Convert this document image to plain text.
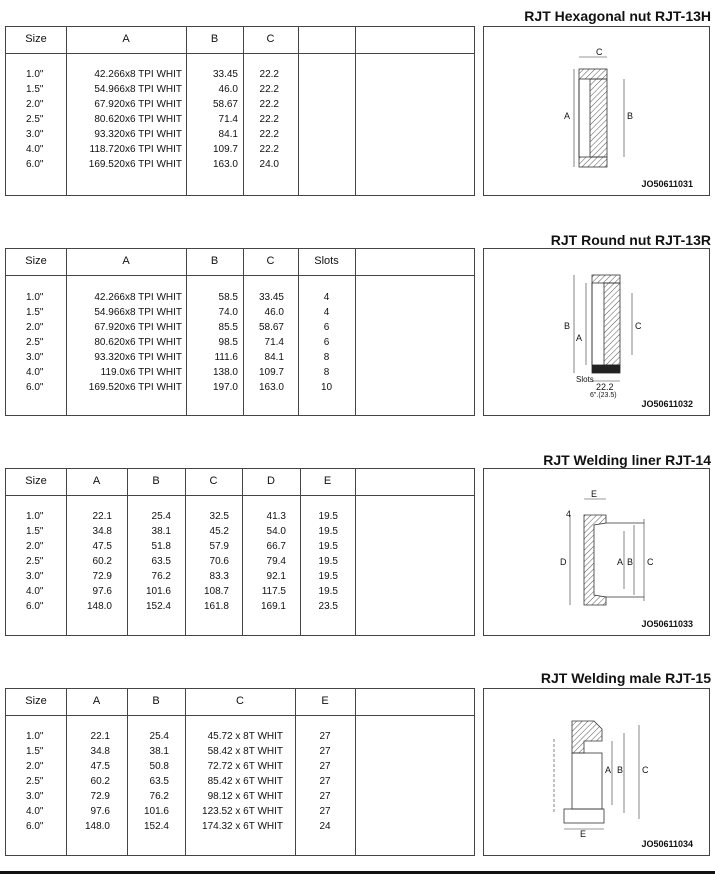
RJT Hexagonal nut RJT-13H
Size	A	B	C
1.0"	42.266x8 TPI WHIT	33.45	22.2
1.5"	54.966x8 TPI WHIT	46.0	22.2
2.0"	67.920x6 TPI WHIT	58.67	22.2
2.5"	80.620x6 TPI WHIT	71.4	22.2
3.0"	93.320x6 TPI WHIT	84.1	22.2
4.0"	118.720x6 TPI WHIT	109.7	22.2
6.0"	169.520x6 TPI WHIT	163.0	24.0
C
A	B
JO50611031
RJT Round nut RJT-13R
Size	A	B	C	Slots
1.0"	42.266x8 TPI WHIT	58.5	33.45	4
1.5"	54.966x8 TPI WHIT	74.0	46.0	4
2.0"	67.920x6 TPI WHIT	85.5	58.67	6
2.5"	80.620x6 TPI WHIT	98.5	71.4	6
3.0"	93.320x6 TPI WHIT	111.6	84.1	8
4.0"	119.0x6 TPI WHIT	138.0	109.7	8
6.0"	169.520x6 TPI WHIT	197.0	163.0	10
B
A
C
Slots
22.2
6".(23.5)
JO50611032
RJT Welding liner RJT-14
Size	A	B	C	D	E
1.0"	22.1	25.4	32.5	41.3	19.5
1.5"	34.8	38.1	45.2	54.0	19.5
2.0"	47.5	51.8	57.9	66.7	19.5
2.5"	60.2	63.5	70.6	79.4	19.5
3.0"	72.9	76.2	83.3	92.1	19.5
4.0"	97.6	101.6	108.7	117.5	19.5
6.0"	148.0	152.4	161.8	169.1	23.5
E
4
D	A B C
JO50611033
RJT Welding male RJT-15
Size	A	B	C	E
1.0"	22.1	25.4	45.72 x 8T WHIT	27
1.5"	34.8	38.1	58.42 x 8T WHIT	27
2.0"	47.5	50.8	72.72 x 6T WHIT	27
2.5"	60.2	63.5	85.42 x 6T WHIT	27
3.0"	72.9	76.2	98.12 x 6T WHIT	27
4.0"	97.6	101.6	123.52 x 6T WHIT	27
6.0"	148.0	152.4	174.32 x 6T WHIT	24
A B C
E
JO50611034
